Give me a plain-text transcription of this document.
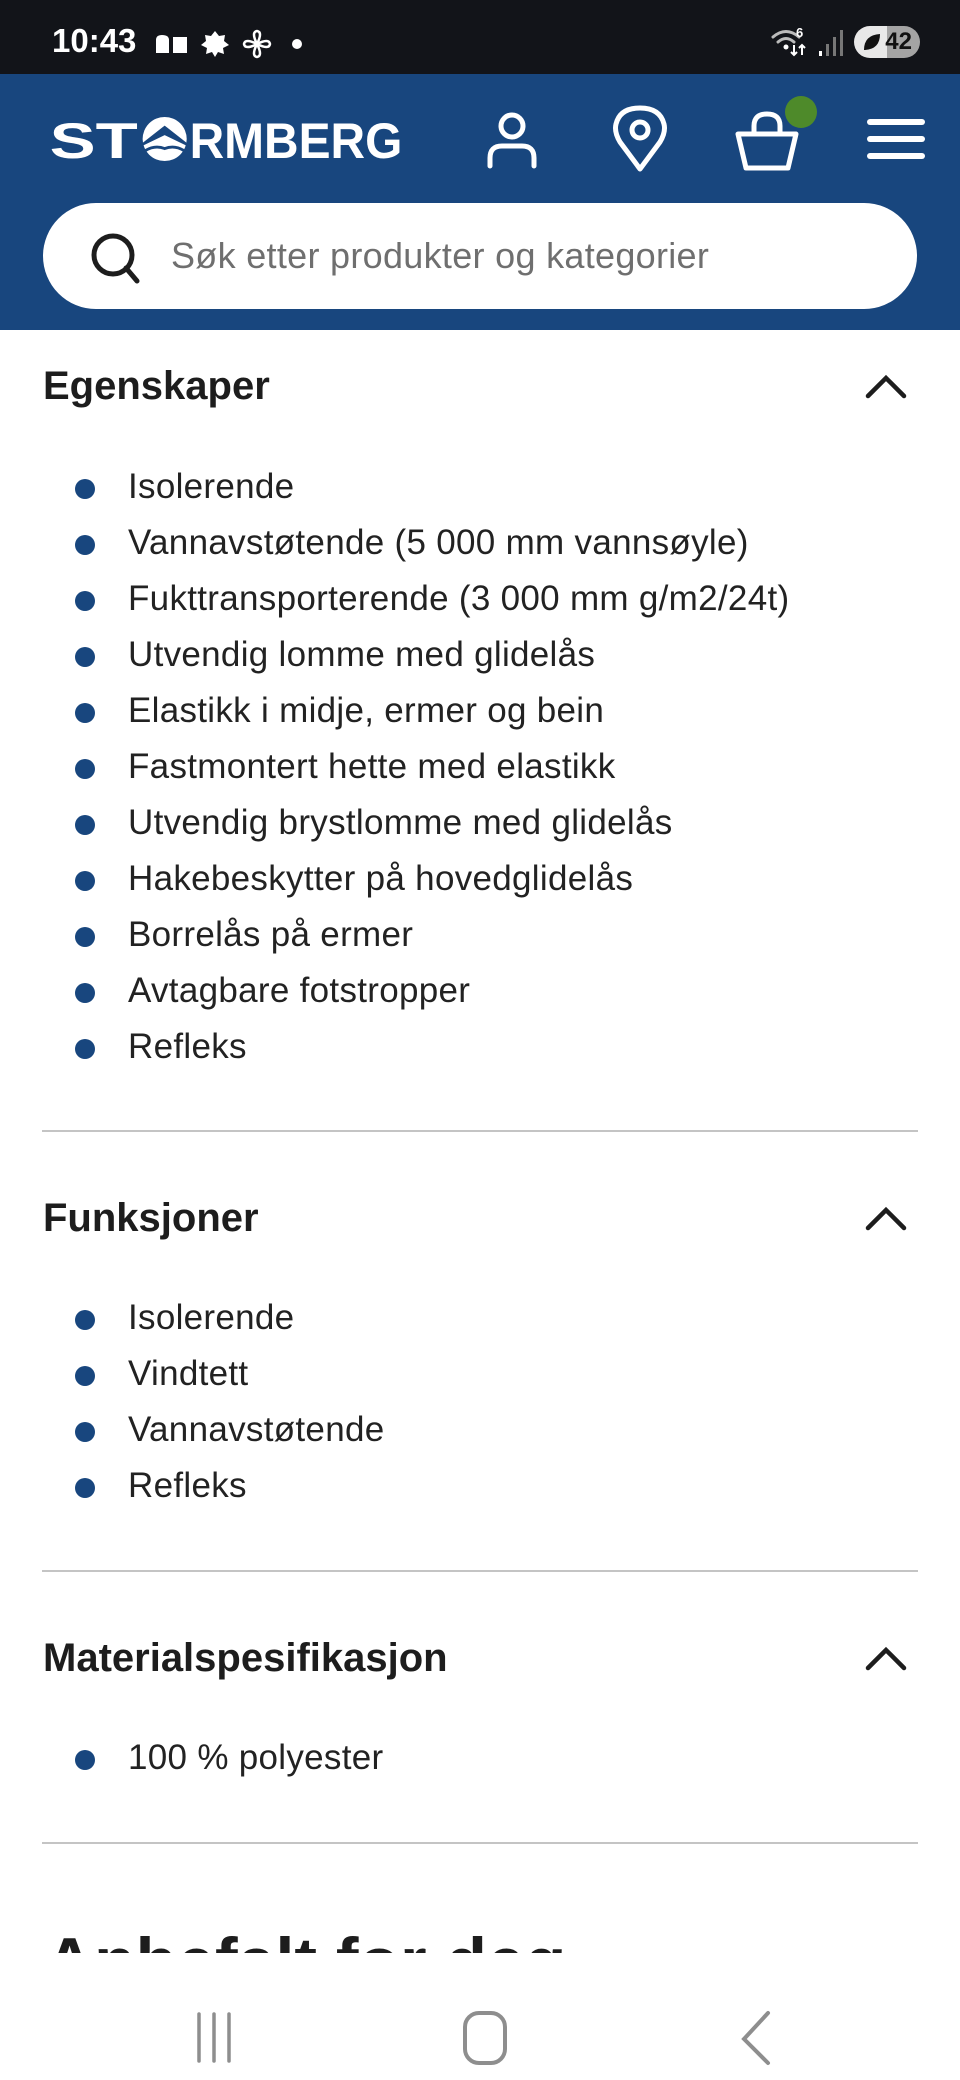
10:43	6	42
ST RMBERG
Søk etter produkter og kategorier
Egenskaper
Isolerende
Vannavstøtende (5 000 mm vannsøyle)
Fukttransporterende (3 000 mm g/m2/24t)
Utvendig lomme med glidelås
Elastikk i midje, ermer og bein
Fastmontert hette med elastikk
Utvendig brystlomme med glidelås
Hakebeskytter på hovedglidelås
Borrelås på ermer
Avtagbare fotstropper
Refleks
Funksjoner
Isolerende
Vindtett
Vannavstøtende
Refleks
Materialspesifikasjon
100 % polyester
